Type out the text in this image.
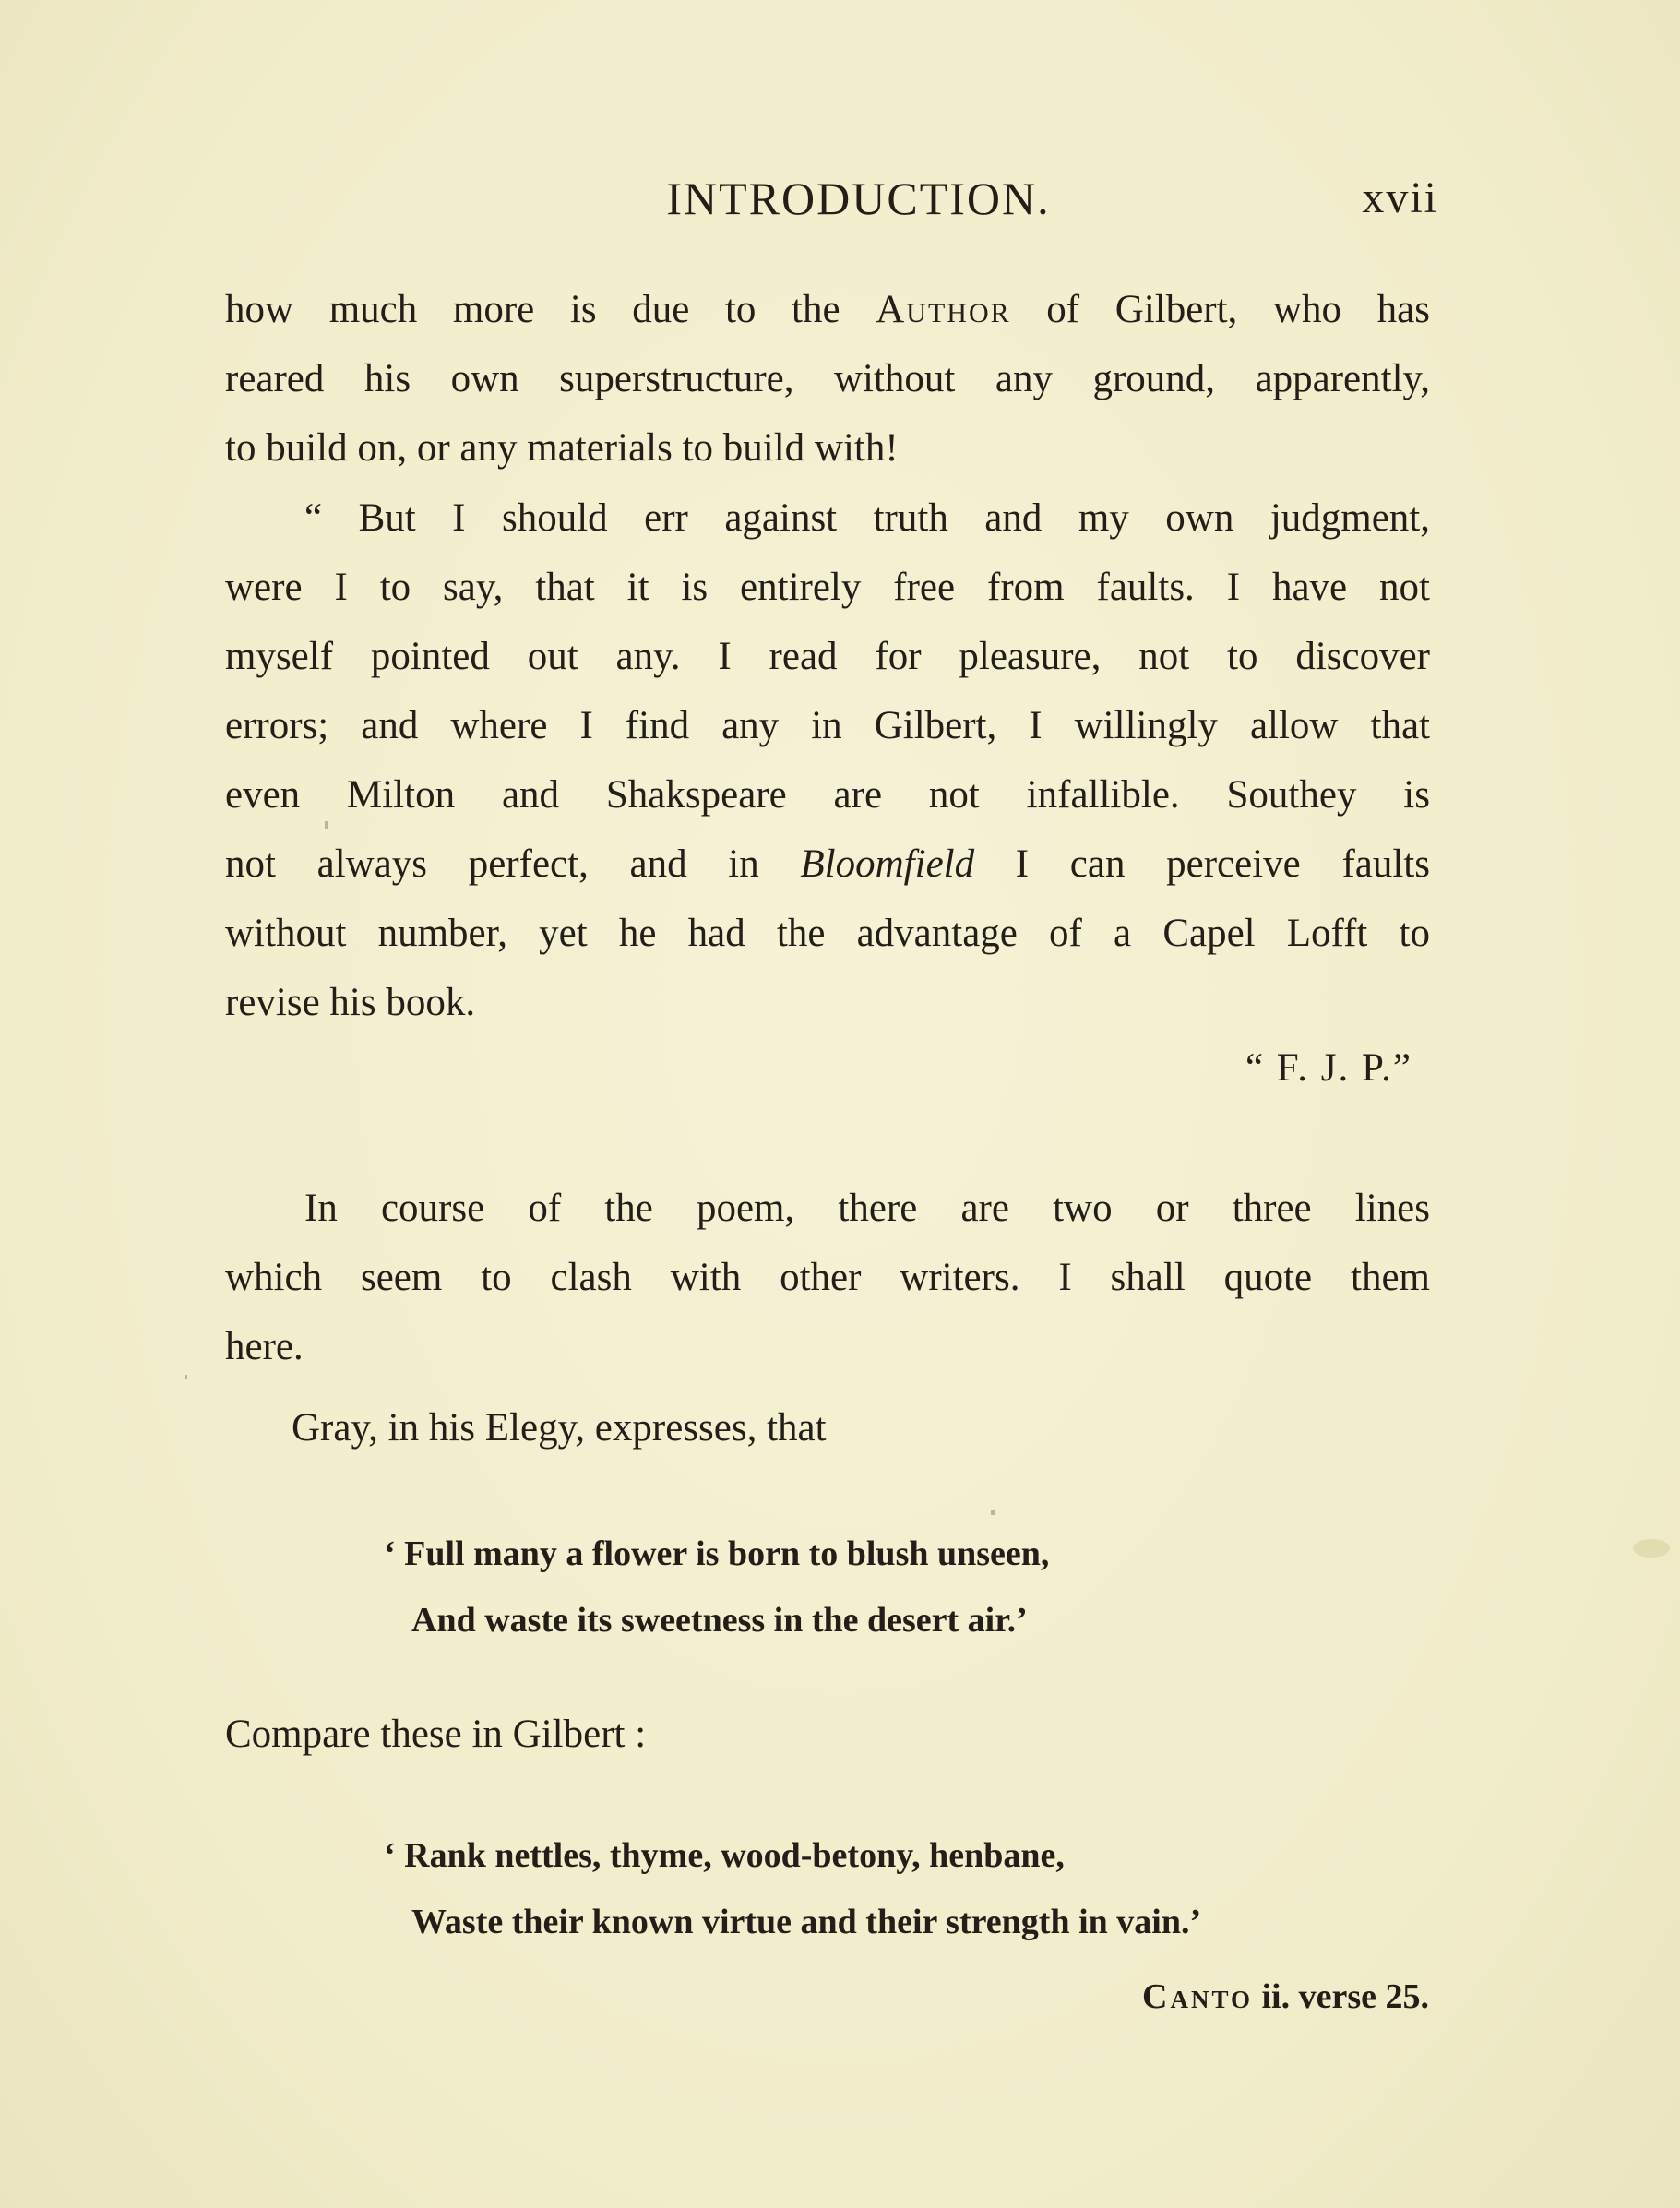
INTRODUCTION.	xvii
how much more is due to the Author of Gilbert, who has
reared his own superstructure, without any ground, apparently,
to build on, or any materials to build with!
“ But I should err against truth and my own judgment,
were I to say, that it is entirely free from faults. I have not
myself pointed out any. I read for pleasure, not to discover
errors; and where I find any in Gilbert, I willingly allow that
even Milton and Shakspeare are not infallible. Southey is
not always perfect, and in Bloomfield I can perceive faults
without number, yet he had the advantage of a Capel Lofft to
revise his book.
“ F. J. P.”
In course of the poem, there are two or three lines
which seem to clash with other writers. I shall quote them
here.
Gray, in his Elegy, expresses, that
‘ Full many a flower is born to blush unseen,
And waste its sweetness in the desert air.’
Compare these in Gilbert :
‘ Rank nettles, thyme, wood-betony, henbane,
Waste their known virtue and their strength in vain.’
Canto ii. verse 25.
